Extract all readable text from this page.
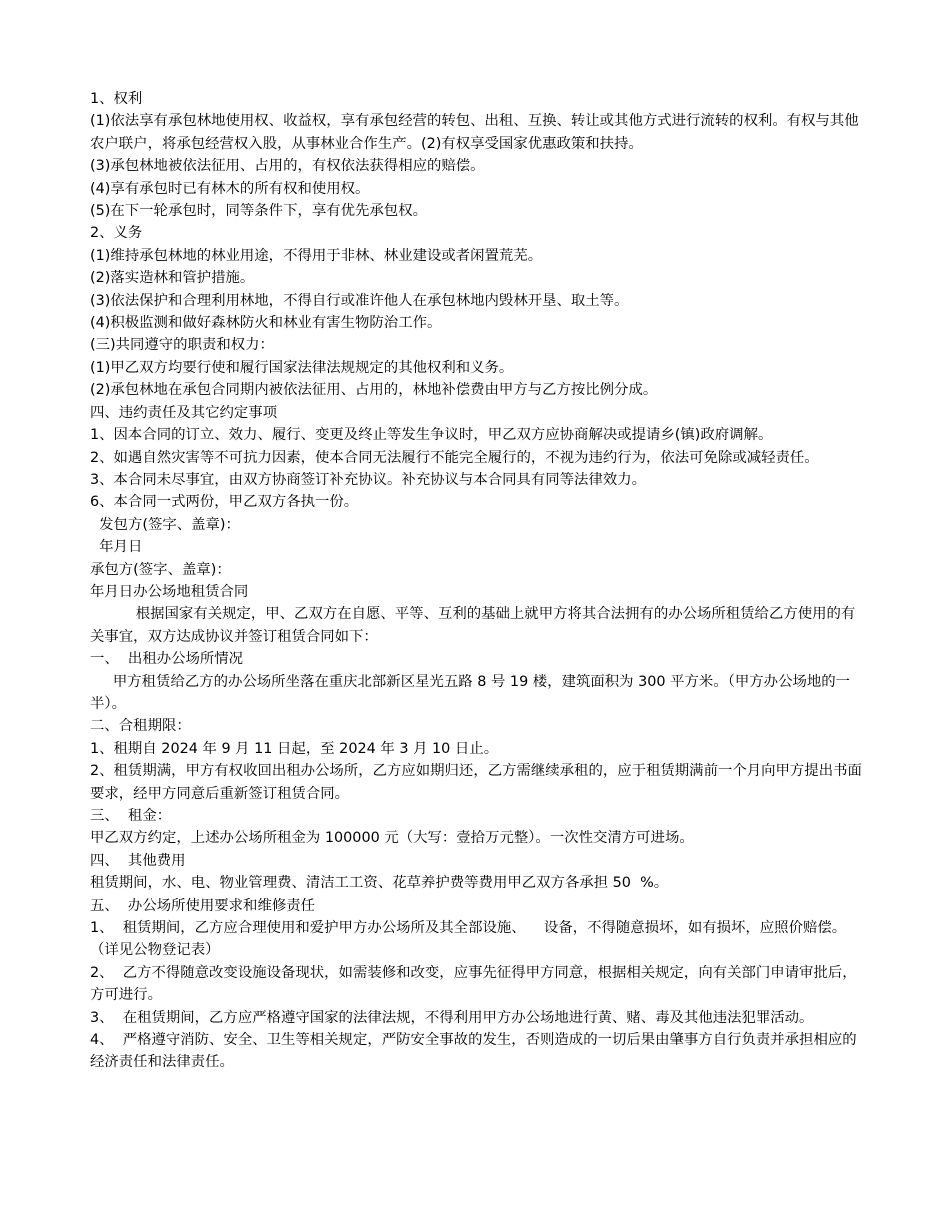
1、权利

(1)依法享有承包林地使用权、收益权，享有承包经营的转包、出租、互换、转让或其他方式进行流转的权利。有权与其他农户联户，将承包经营权入股，从事林业合作生产。(2)有权享受国家优惠政策和扶持。

(3)承包林地被依法征用、占用的，有权依法获得相应的赔偿。

(4)享有承包时已有林木的所有权和使用权。

(5)在下一轮承包时，同等条件下，享有优先承包权。

2、义务

(1)维持承包林地的林业用途，不得用于非林、林业建设或者闲置荒芜。

(2)落实造林和管护措施。

(3)依法保护和合理利用林地，不得自行或准许他人在承包林地内毁林开垦、取土等。

(4)积极监测和做好森林防火和林业有害生物防治工作。

(三)共同遵守的职责和权力：

(1)甲乙双方均要行使和履行国家法律法规规定的其他权利和义务。

(2)承包林地在承包合同期内被依法征用、占用的，林地补偿费由甲方与乙方按比例分成。

四、违约责任及其它约定事项

1、因本合同的订立、效力、履行、变更及终止等发生争议时，甲乙双方应协商解决或提请乡(镇)政府调解。

2、如遇自然灾害等不可抗力因素，使本合同无法履行不能完全履行的，不视为违约行为，依法可免除或减轻责任。

3、本合同未尽事宜，由双方协商签订补充协议。补充协议与本合同具有同等法律效力。

6、本合同一式两份，甲乙双方各执一份。

发包方(签字、盖章)：

年月日

承包方(签字、盖章)：

年月日办公场地租赁合同

根据国家有关规定，甲、乙双方在自愿、平等、互利的基础上就甲方将其合法拥有的办公场所租赁给乙方使用的有关事宜，双方达成协议并签订租赁合同如下：

一、  出租办公场所情况

甲方租赁给乙方的办公场所坐落在重庆北部新区星光五路 8 号 19 楼，建筑面积为 300 平方米。（甲方办公场地的一半）。

二、合租期限：

1、租期自 2024 年 9 月 11 日起，至 2024 年 3 月 10 日止。

2、租赁期满，甲方有权收回出租办公场所，乙方应如期归还，乙方需继续承租的，应于租赁期满前一个月向甲方提出书面要求，经甲方同意后重新签订租赁合同。

三、  租金：

甲乙双方约定，上述办公场所租金为 100000 元（大写：壹拾万元整）。一次性交清方可进场。

四、  其他费用

租赁期间，水、电、物业管理费、清洁工工资、花草养护费等费用甲乙双方各承担 50  %。

五、  办公场所使用要求和维修责任

1、  租赁期间，乙方应合理使用和爱护甲方办公场所及其全部设施、    设备，不得随意损坏，如有损坏，应照价赔偿。（详见公物登记表）

2、  乙方不得随意改变设施设备现状，如需装修和改变，应事先征得甲方同意，根据相关规定，向有关部门申请审批后，方可进行。

3、  在租赁期间，乙方应严格遵守国家的法律法规，不得利用甲方办公场地进行黄、赌、毒及其他违法犯罪活动。

4、  严格遵守消防、安全、卫生等相关规定，严防安全事故的发生，否则造成的一切后果由肇事方自行负责并承担相应的经济责任和法律责任。
